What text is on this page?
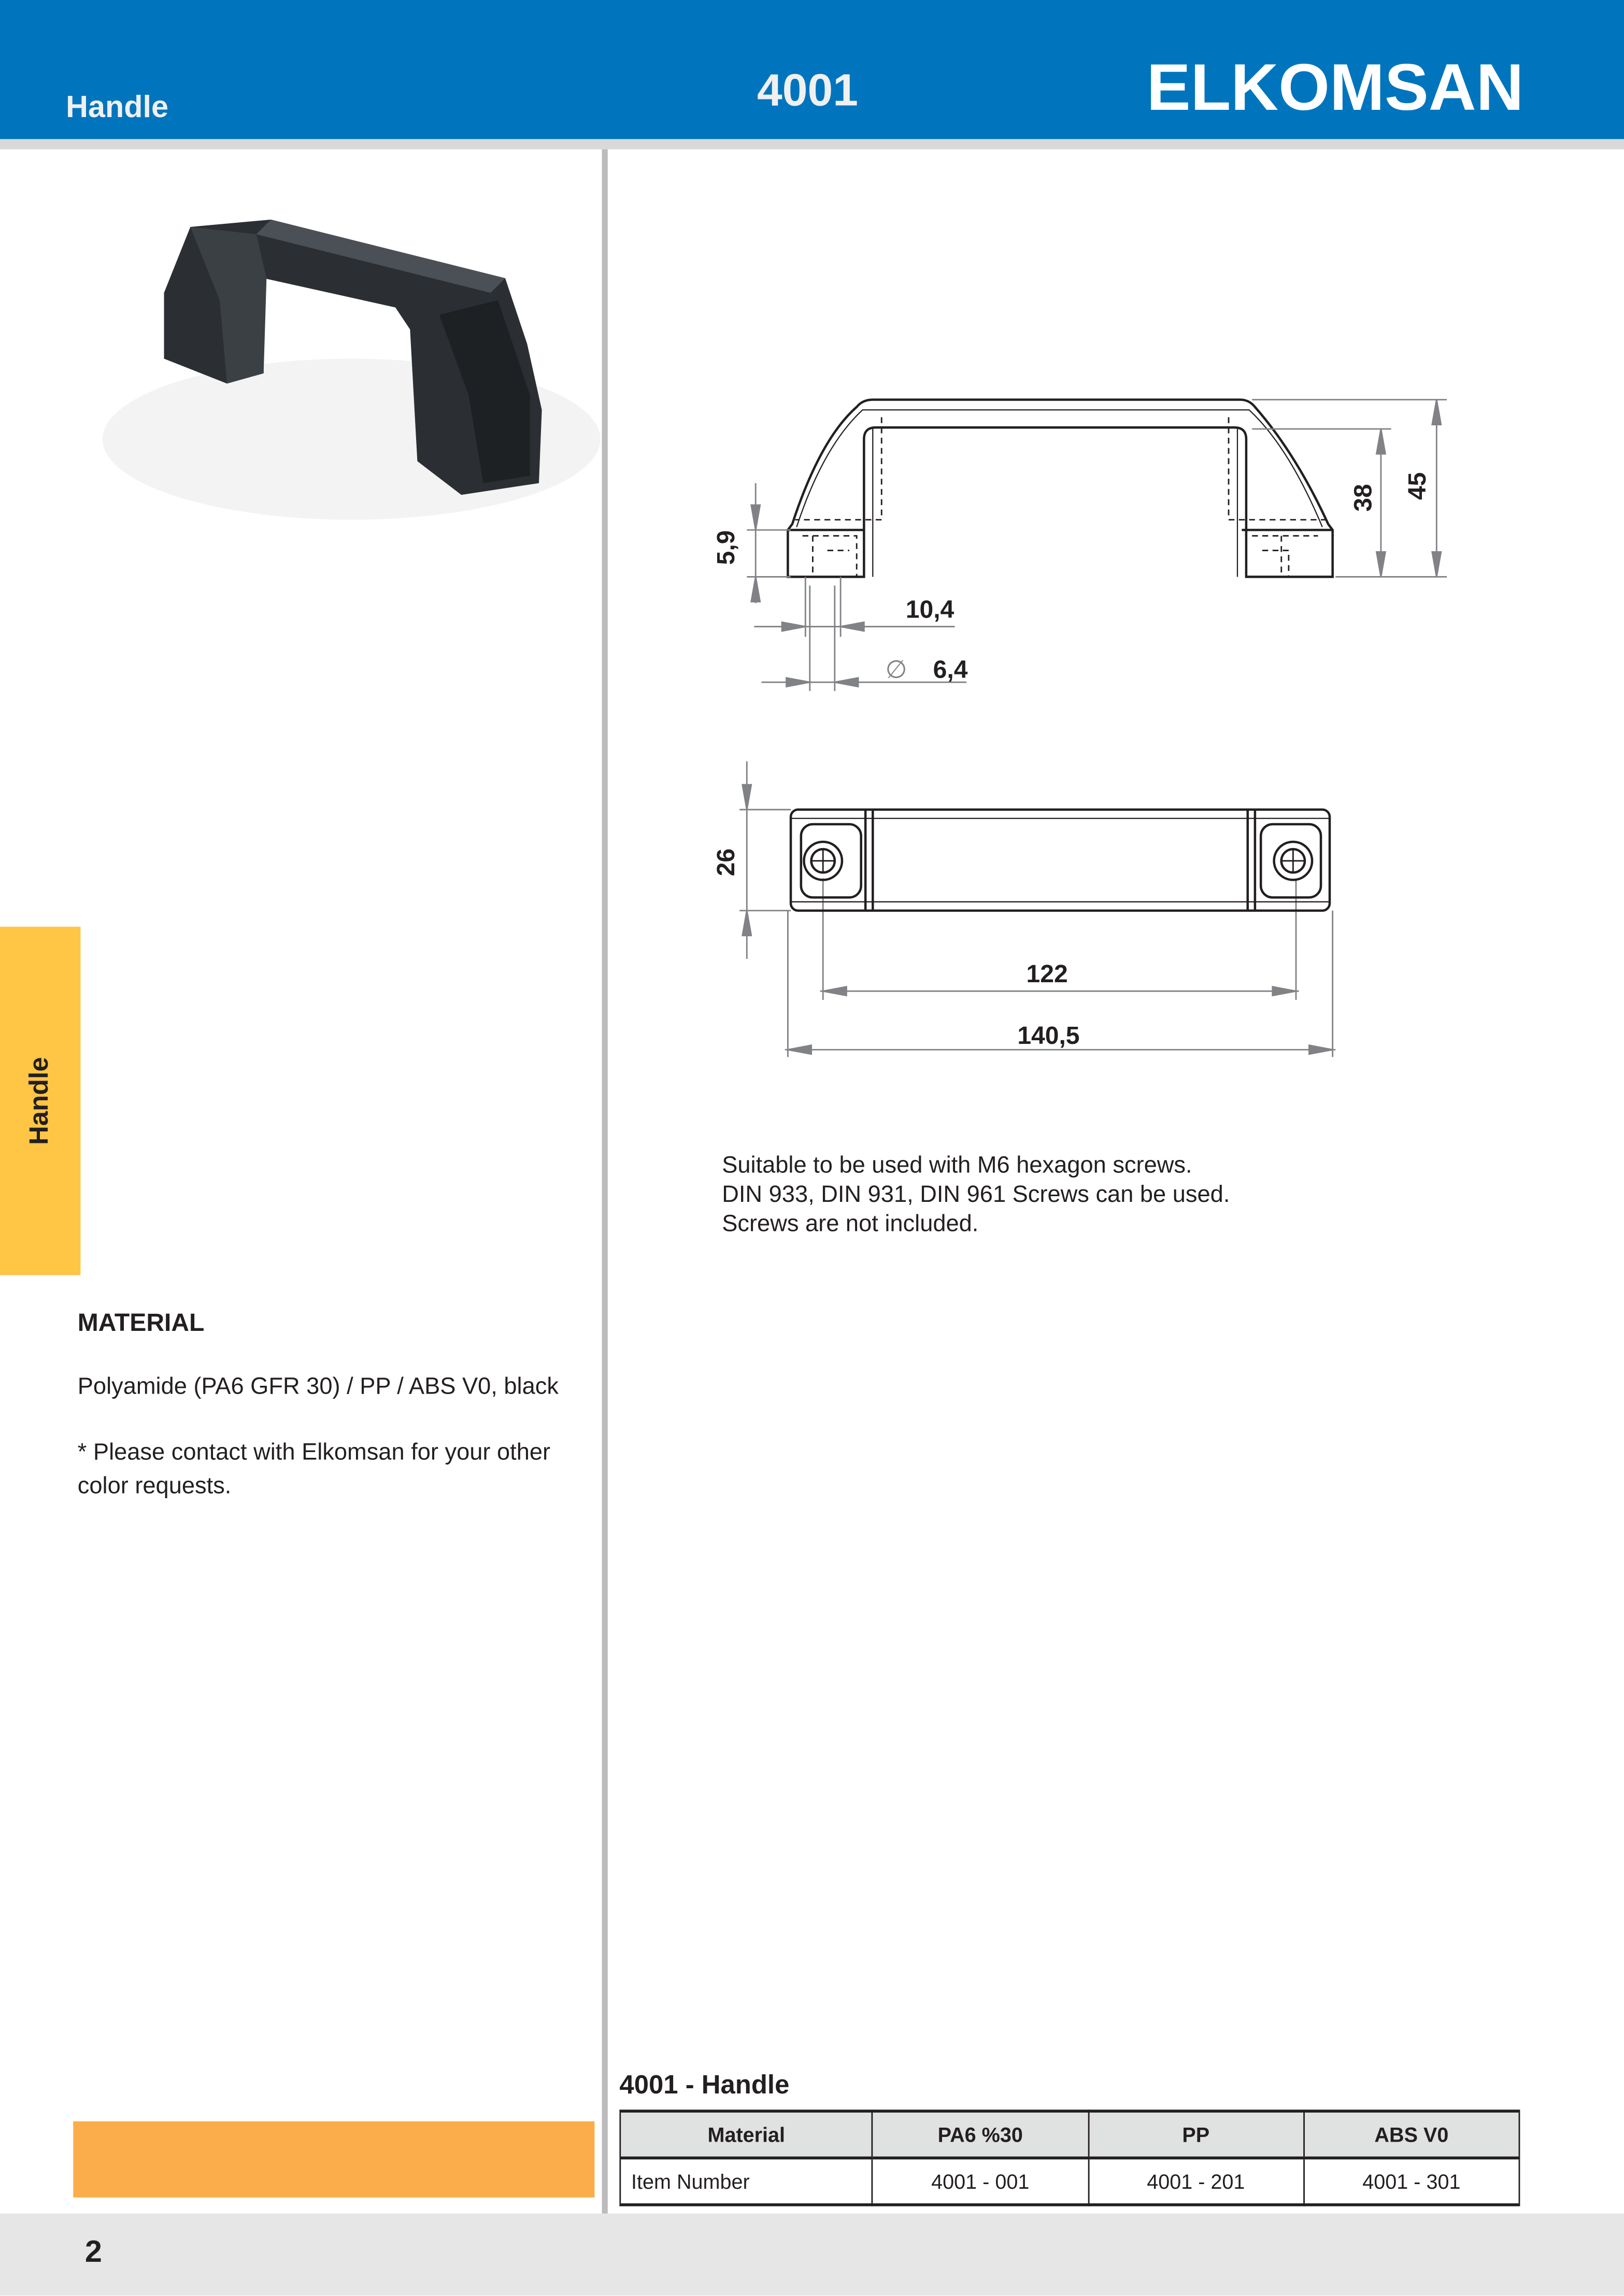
Handle	4001	ELKOMSAN
38	45
5,9
10,4
∅	6,4
26
122
140,5
Handle
Suitable to be used with M6 hexagon screws.
DIN 933, DIN 931, DIN 961 Screws can be used.
Screws are not included.
MATERIAL
Polyamide (PA6 GFR 30) / PP / ABS V0, black
* Please contact with Elkomsan for your other
color requests.
4001 - Handle
Material	PA6 %30	PP	ABS V0
Item Number	4001 - 001	4001 - 201	4001 - 301
2
